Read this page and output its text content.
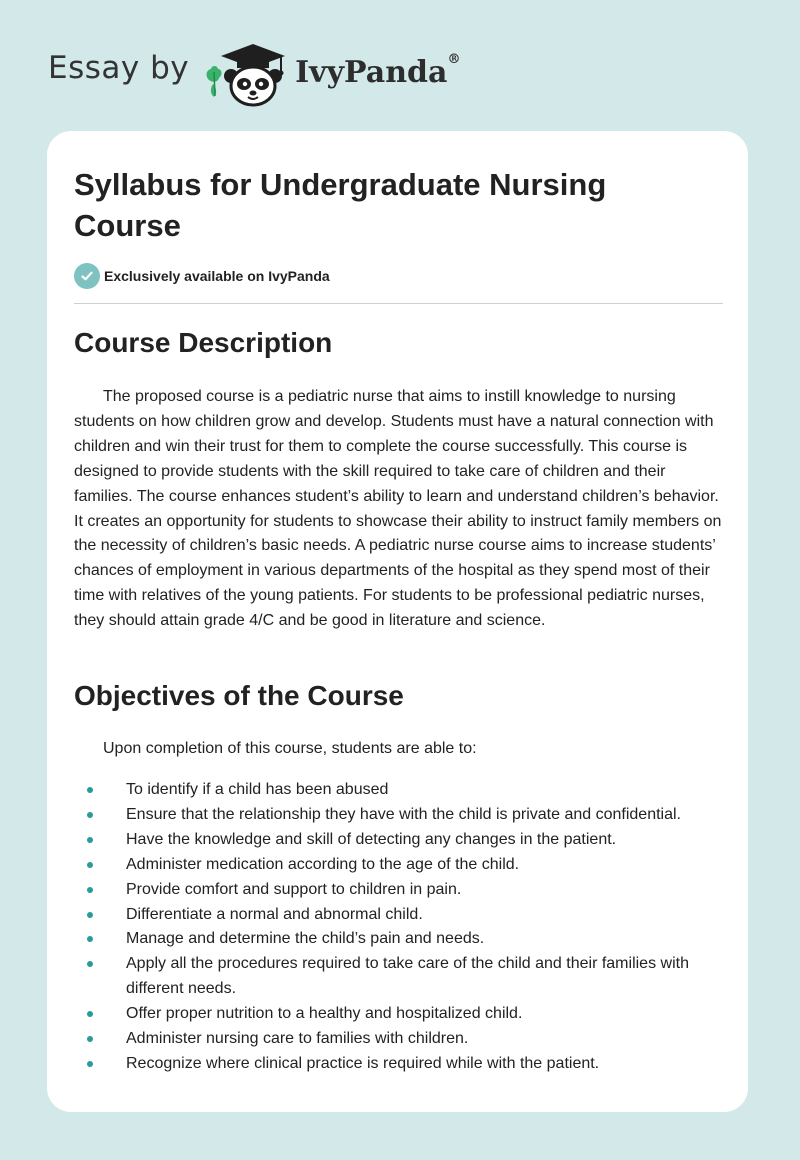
Essay by	IvyPanda®
Syllabus for Undergraduate Nursing Course
Exclusively available on IvyPanda
Course Description

The proposed course is a pediatric nurse that aims to instill knowledge to nursing students on how children grow and develop. Students must have a natural connection with children and win their trust for them to complete the course successfully. This course is designed to provide students with the skill required to take care of children and their families. The course enhances student’s ability to learn and understand children’s behavior. It creates an opportunity for students to showcase their ability to instruct family members on the necessity of children’s basic needs. A pediatric nurse course aims to increase students’ chances of employment in various departments of the hospital as they spend most of their time with relatives of the young patients. For students to be professional pediatric nurses, they should attain grade 4/C and be good in literature and science.

Objectives of the Course

Upon completion of this course, students are able to:

To identify if a child has been abused
Ensure that the relationship they have with the child is private and confidential.
Have the knowledge and skill of detecting any changes in the patient.
Administer medication according to the age of the child.
Provide comfort and support to children in pain.
Differentiate a normal and abnormal child.
Manage and determine the child’s pain and needs.
Apply all the procedures required to take care of the child and their families with different needs.
Offer proper nutrition to a healthy and hospitalized child.
Administer nursing care to families with children.
Recognize where clinical practice is required while with the patient.
